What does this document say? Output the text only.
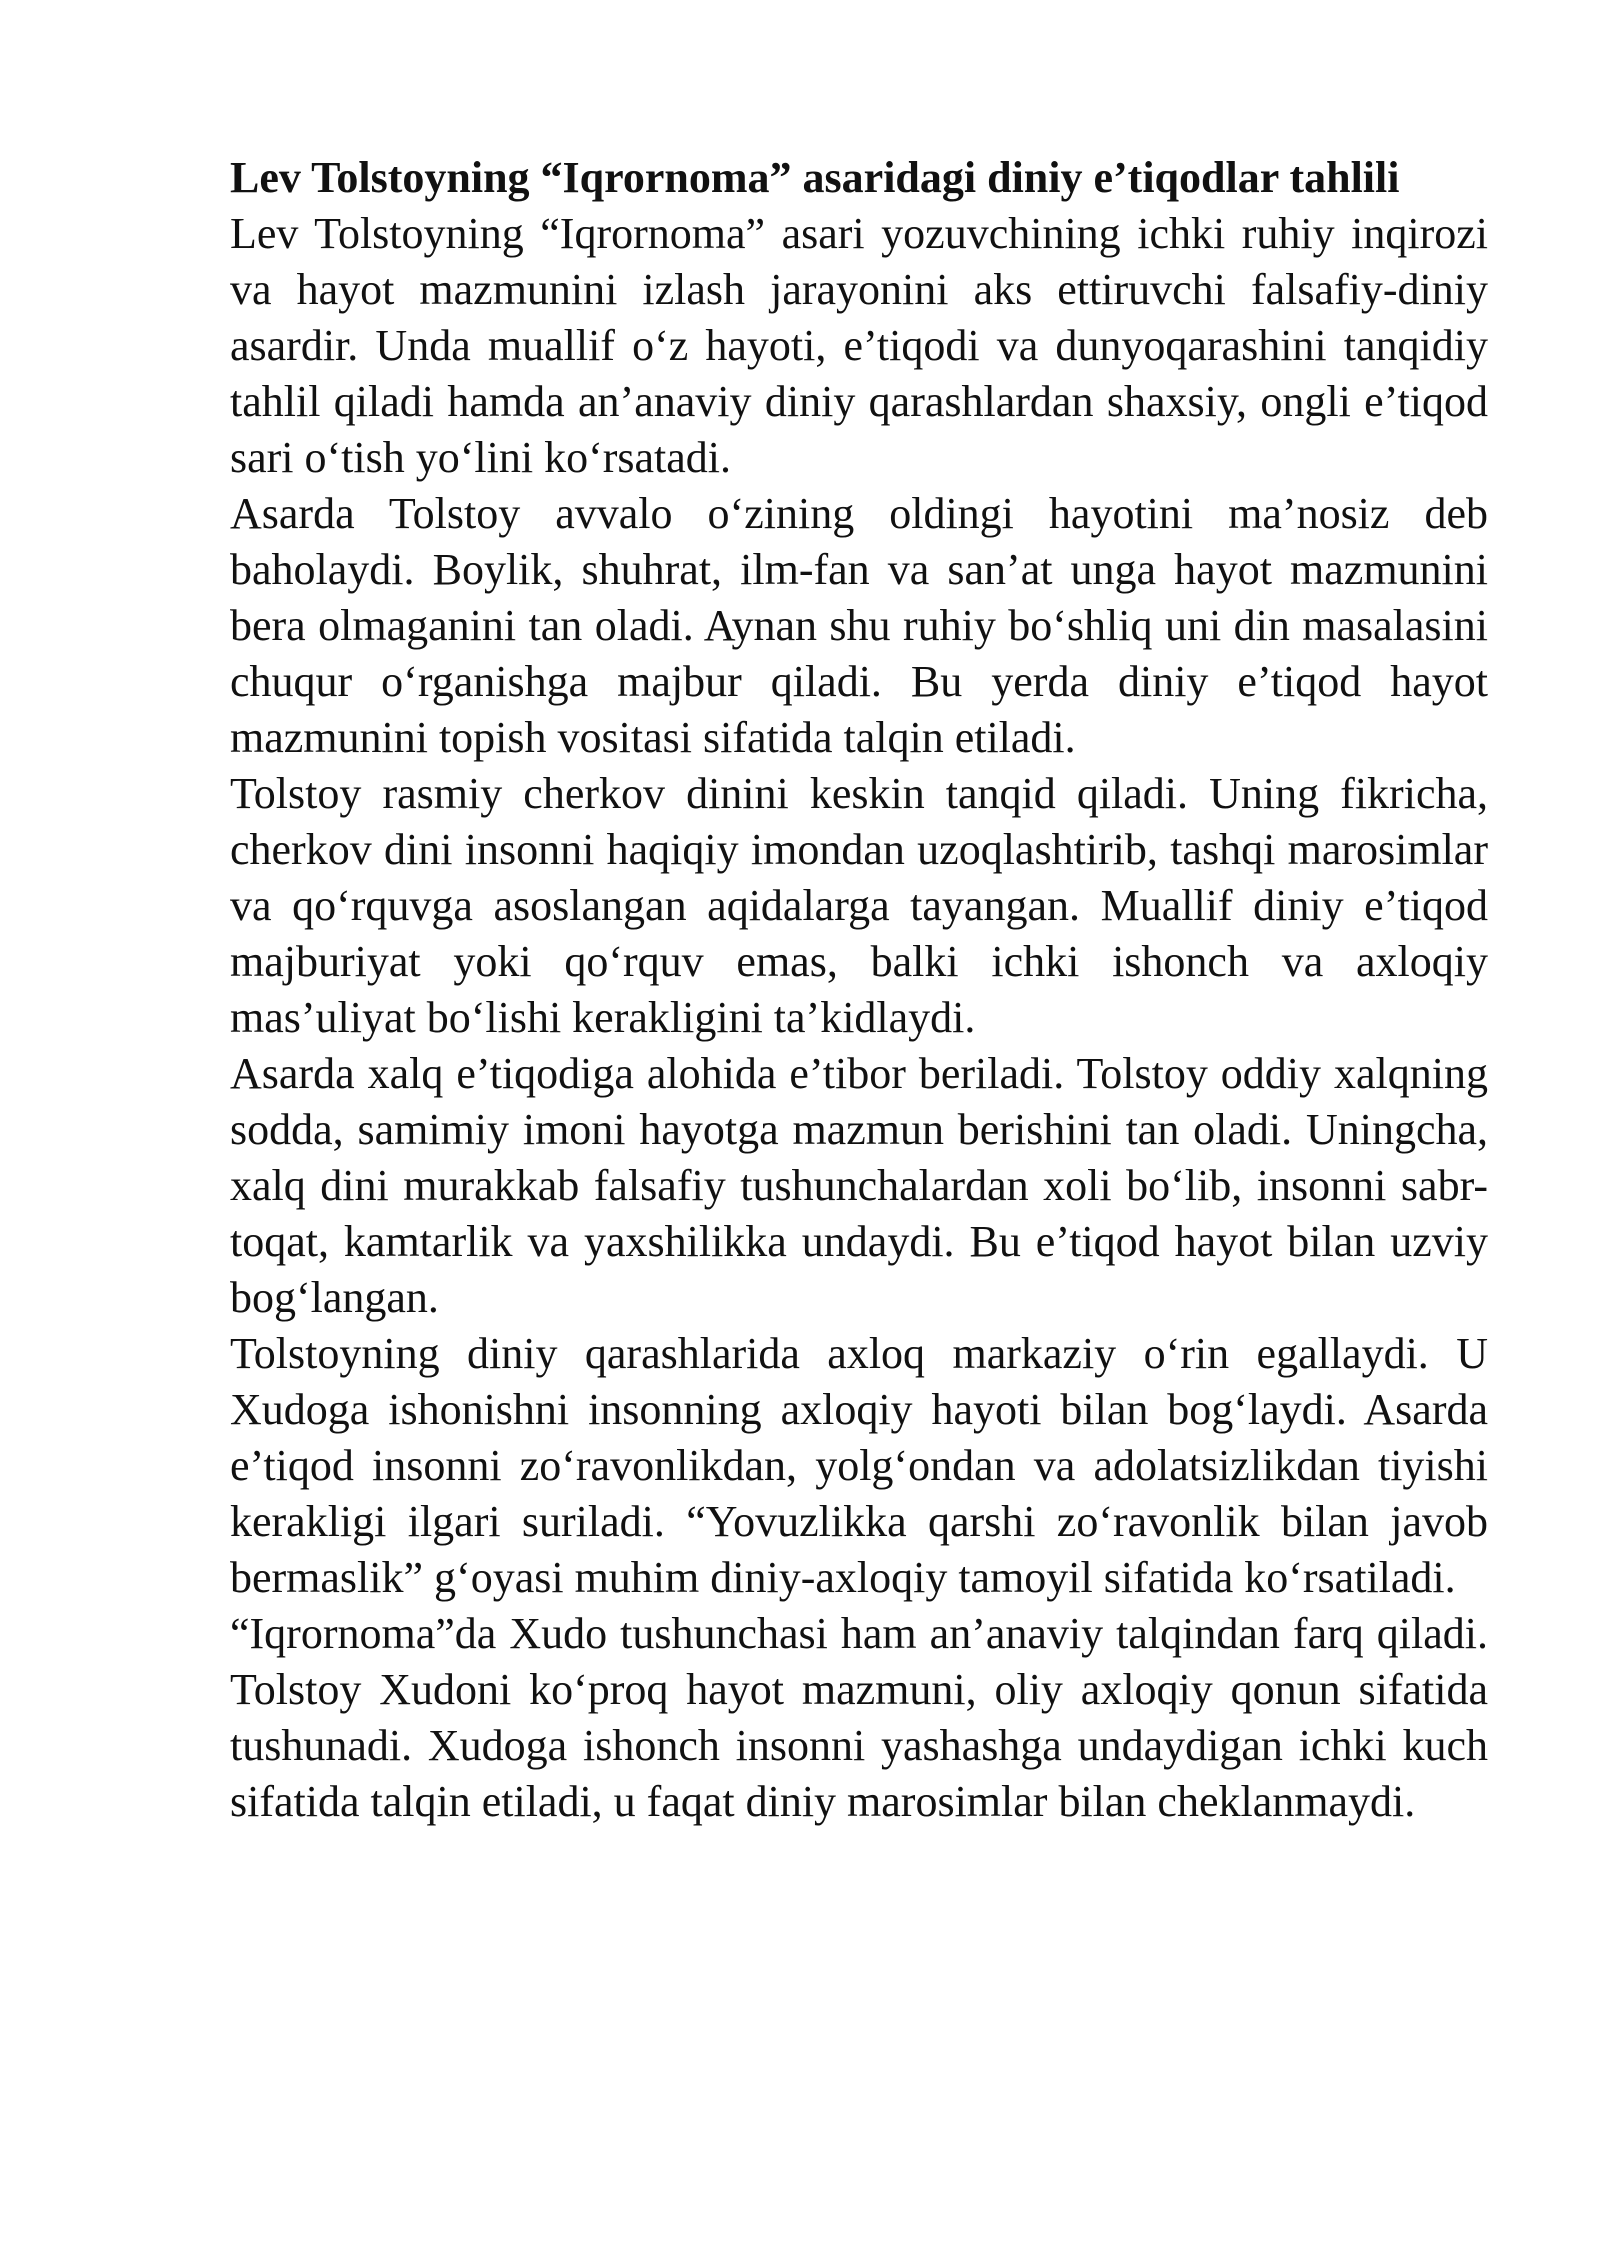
Lev Tolstoyning “Iqrornoma” asaridagi diniy e’tiqodlar tahlili

Lev Tolstoyning “Iqrornoma” asari yozuvchining ichki ruhiy inqirozi va hayot mazmunini izlash jarayonini aks ettiruvchi falsafiy-diniy asardir. Unda muallif o‘z hayoti, e’tiqodi va dunyoqarashini tanqidiy tahlil qiladi hamda an’anaviy diniy qarashlardan shaxsiy, ongli e’tiqod sari o‘tish yo‘lini ko‘rsatadi.

Asarda Tolstoy avvalo o‘zining oldingi hayotini ma’nosiz deb baholaydi. Boylik, shuhrat, ilm-fan va san’at unga hayot mazmunini bera olmaganini tan oladi. Aynan shu ruhiy bo‘shliq uni din masalasini chuqur o‘rganishga majbur qiladi. Bu yerda diniy e’tiqod hayot mazmunini topish vositasi sifatida talqin etiladi.

Tolstoy rasmiy cherkov dinini keskin tanqid qiladi. Uning fikricha, cherkov dini insonni haqiqiy imondan uzoqlashtirib, tashqi marosimlar va qo‘rquvga asoslangan aqidalarga tayangan. Muallif diniy e’tiqod majburiyat yoki qo‘rquv emas, balki ichki ishonch va axloqiy mas’uliyat bo‘lishi kerakligini ta’kidlaydi.

Asarda xalq e’tiqodiga alohida e’tibor beriladi. Tolstoy oddiy xalqning sodda, samimiy imoni hayotga mazmun berishini tan oladi. Uningcha, xalq dini murakkab falsafiy tushunchalardan xoli bo‘lib, insonni sabr-toqat, kamtarlik va yaxshilikka undaydi. Bu e’tiqod hayot bilan uzviy bog‘langan.

Tolstoyning diniy qarashlarida axloq markaziy o‘rin egallaydi. U Xudoga ishonishni insonning axloqiy hayoti bilan bog‘laydi. Asarda e’tiqod insonni zo‘ravonlikdan, yolg‘ondan va adolatsizlikdan tiyishi kerakligi ilgari suriladi. “Yovuzlikka qarshi zo‘ravonlik bilan javob bermaslik” g‘oyasi muhim diniy-axloqiy tamoyil sifatida ko‘rsatiladi.

“Iqrornoma”da Xudo tushunchasi ham an’anaviy talqindan farq qiladi. Tolstoy Xudoni ko‘proq hayot mazmuni, oliy axloqiy qonun sifatida tushunadi. Xudoga ishonch insonni yashashga undaydigan ichki kuch sifatida talqin etiladi, u faqat diniy marosimlar bilan cheklanmaydi.
